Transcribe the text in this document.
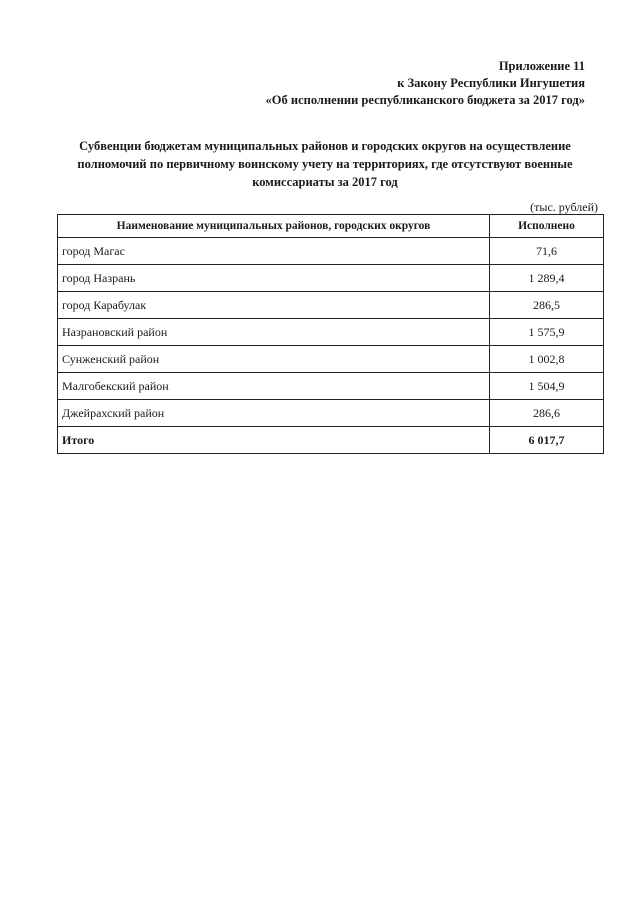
Приложение 11
к Закону Республики Ингушетия
«Об исполнении республиканского бюджета за 2017 год»
Субвенции бюджетам муниципальных районов и городских округов на осуществление
полномочий по первичному воинскому учету на территориях, где отсутствуют военные
комиссариаты за 2017 год
(тыс. рублей)
Наименование муниципальных районов, городских округов	Исполнено
город Магас	71,6
город Назрань	1 289,4
город Карабулак	286,5
Назрановский район	1 575,9
Сунженский район	1 002,8
Малгобекский район	1 504,9
Джейрахский район	286,6
Итого	6 017,7
